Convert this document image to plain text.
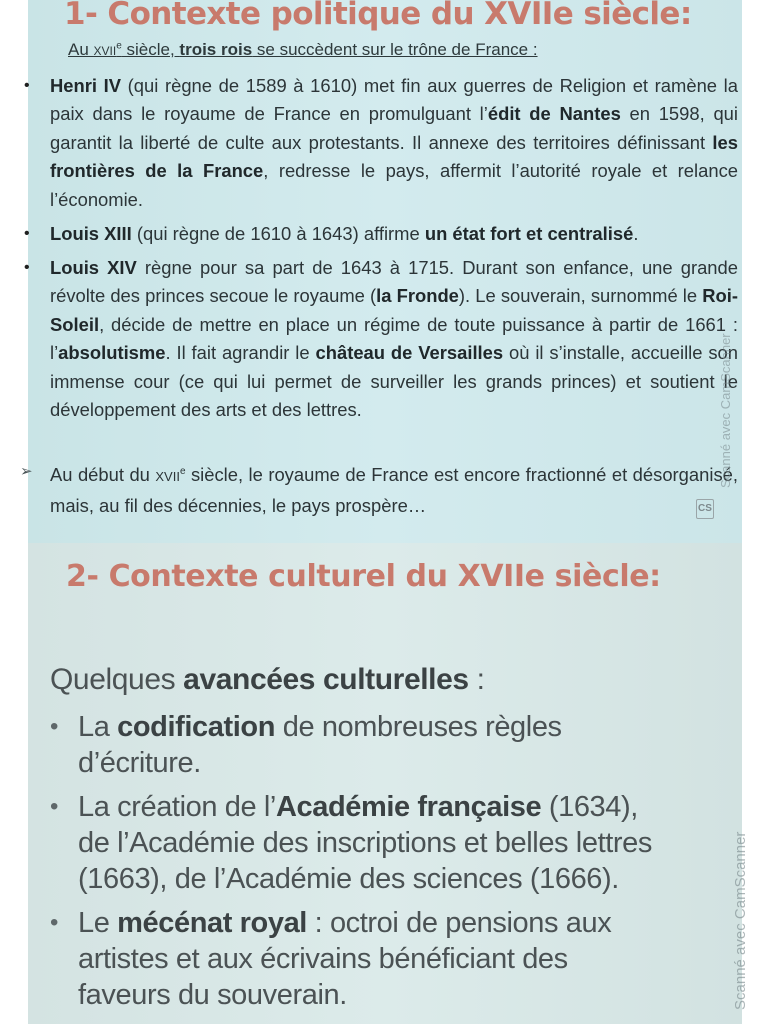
1- Contexte politique du XVIIe siècle:

Au XVIIe siècle, trois rois se succèdent sur le trône de France :

• Henri IV (qui règne de 1589 à 1610) met fin aux guerres de Religion et ramène la paix dans le royaume de France en promulguant l’édit de Nantes en 1598, qui garantit la liberté de culte aux protestants. Il annexe des territoires définissant les frontières de la France, redresse le pays, affermit l’autorité royale et relance l’économie.

• Louis XIII (qui règne de 1610 à 1643) affirme un état fort et centralisé.

• Louis XIV règne pour sa part de 1643 à 1715. Durant son enfance, une grande révolte des princes secoue le royaume (la Fronde). Le souverain, surnommé le Roi-Soleil, décide de mettre en place un régime de toute puissance à partir de 1661 : l’absolutisme. Il fait agrandir le château de Versailles où il s’installe, accueille son immense cour (ce qui lui permet de surveiller les grands princes) et soutient le développement des arts et des lettres.

➢ Au début du XVIIe siècle, le royaume de France est encore fractionné et désorganisé, mais, au fil des décennies, le pays prospère…

Scanné avec CamScanner
CS
2- Contexte culturel du XVIIe siècle:

Quelques avancées culturelles :

• La codification de nombreuses règles
d’écriture.

• La création de l’Académie française (1634),
de l’Académie des inscriptions et belles lettres
(1663), de l’Académie des sciences (1666).

• Le mécénat royal : octroi de pensions aux
artistes et aux écrivains bénéficiant des
faveurs du souverain.	Scanné avec CamScanner
